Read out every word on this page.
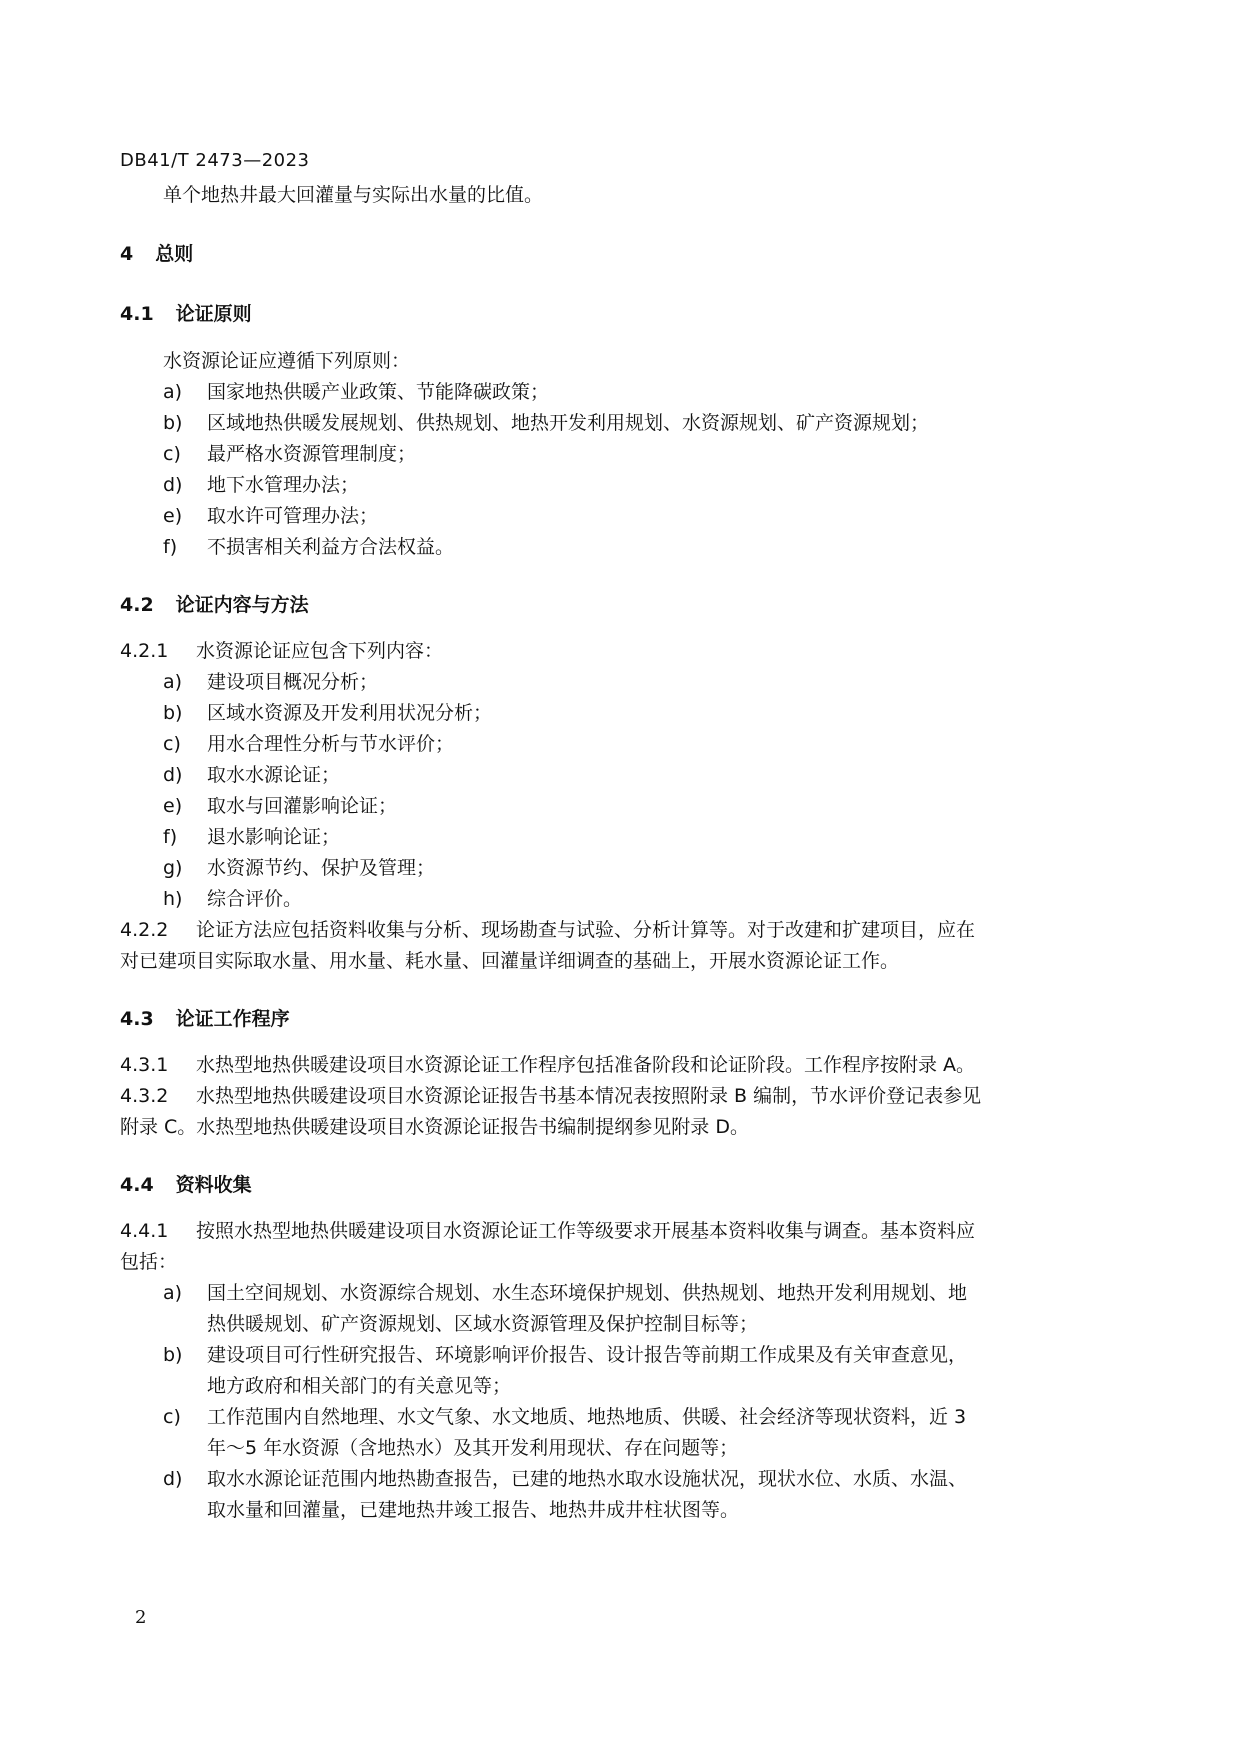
DB41/T 2473—2023
单个地热井最大回灌量与实际出水量的比值。
4 总则
4.1 论证原则
水资源论证应遵循下列原则：
a) 国家地热供暖产业政策、节能降碳政策；
b) 区域地热供暖发展规划、供热规划、地热开发利用规划、水资源规划、矿产资源规划；
c) 最严格水资源管理制度；
d) 地下水管理办法；
e) 取水许可管理办法；
f) 不损害相关利益方合法权益。
4.2 论证内容与方法
4.2.1 水资源论证应包含下列内容：
a) 建设项目概况分析；
b) 区域水资源及开发利用状况分析；
c) 用水合理性分析与节水评价；
d) 取水水源论证；
e) 取水与回灌影响论证；
f) 退水影响论证；
g) 水资源节约、保护及管理；
h) 综合评价。
4.2.2 论证方法应包括资料收集与分析、现场勘查与试验、分析计算等。对于改建和扩建项目，应在
对已建项目实际取水量、用水量、耗水量、回灌量详细调查的基础上，开展水资源论证工作。
4.3 论证工作程序
4.3.1 水热型地热供暖建设项目水资源论证工作程序包括准备阶段和论证阶段。工作程序按附录 A。
4.3.2 水热型地热供暖建设项目水资源论证报告书基本情况表按照附录 B 编制，节水评价登记表参见
附录 C。水热型地热供暖建设项目水资源论证报告书编制提纲参见附录 D。
4.4 资料收集
4.4.1 按照水热型地热供暖建设项目水资源论证工作等级要求开展基本资料收集与调查。基本资料应
包括：
a) 国土空间规划、水资源综合规划、水生态环境保护规划、供热规划、地热开发利用规划、地
热供暖规划、矿产资源规划、区域水资源管理及保护控制目标等；
b) 建设项目可行性研究报告、环境影响评价报告、设计报告等前期工作成果及有关审查意见，
地方政府和相关部门的有关意见等；
c) 工作范围内自然地理、水文气象、水文地质、地热地质、供暖、社会经济等现状资料，近 3
年～5 年水资源（含地热水）及其开发利用现状、存在问题等；
d) 取水水源论证范围内地热勘查报告，已建的地热水取水设施状况，现状水位、水质、水温、
取水量和回灌量，已建地热井竣工报告、地热井成井柱状图等。
2
